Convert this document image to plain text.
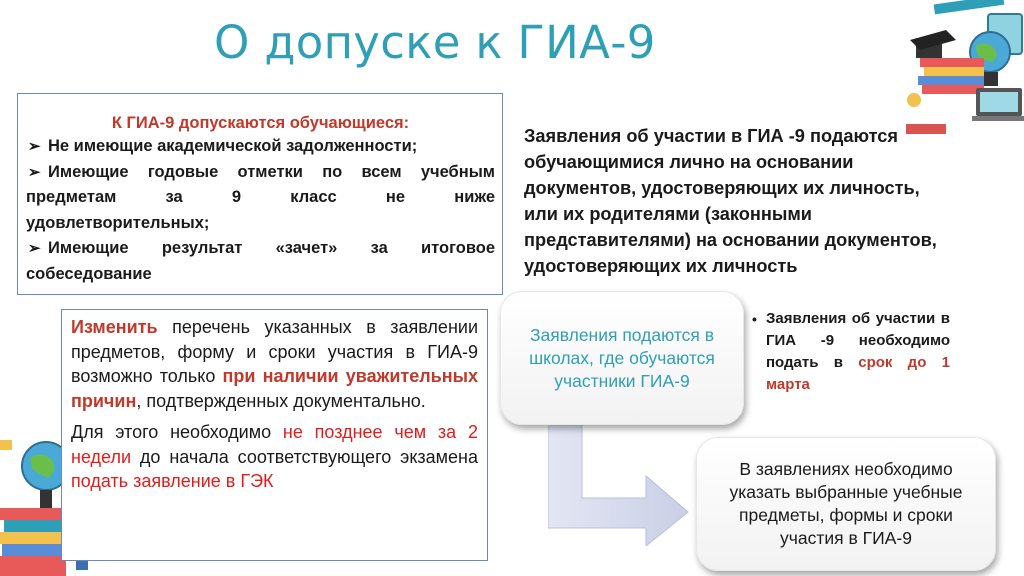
О допуске к ГИА-9
К ГИА-9 допускаются обучающиеся:
➢ Не имеющие академической задолженности;
➢ Имеющие годовые отметки по всем учебным
предметам за 9 класс не ниже
удовлетворительных;
➢ Имеющие результат «зачет» за итоговое
собеседование
Заявления об участии в ГИА -9 подаются
обучающимися лично на основании
документов, удостоверяющих их личность,
или их родителями (законными
представителями) на основании документов,
удостоверяющих их личность

Изменить перечень указанных в заявлении предметов, форму и сроки участия в ГИА-9 возможно только при наличии уважительных причин, подтвержденных документально.

Для этого необходимо не позднее чем за 2 недели до начала соответствующего экзамена подать заявление в ГЭК

Заявления подаются в школах, где обучаются участники ГИА-9
В заявлениях необходимо указать выбранные учебные предметы, формы и сроки участия в ГИА-9
• Заявления об участии в ГИА -9 необходимо подать в срок до 1 марта
